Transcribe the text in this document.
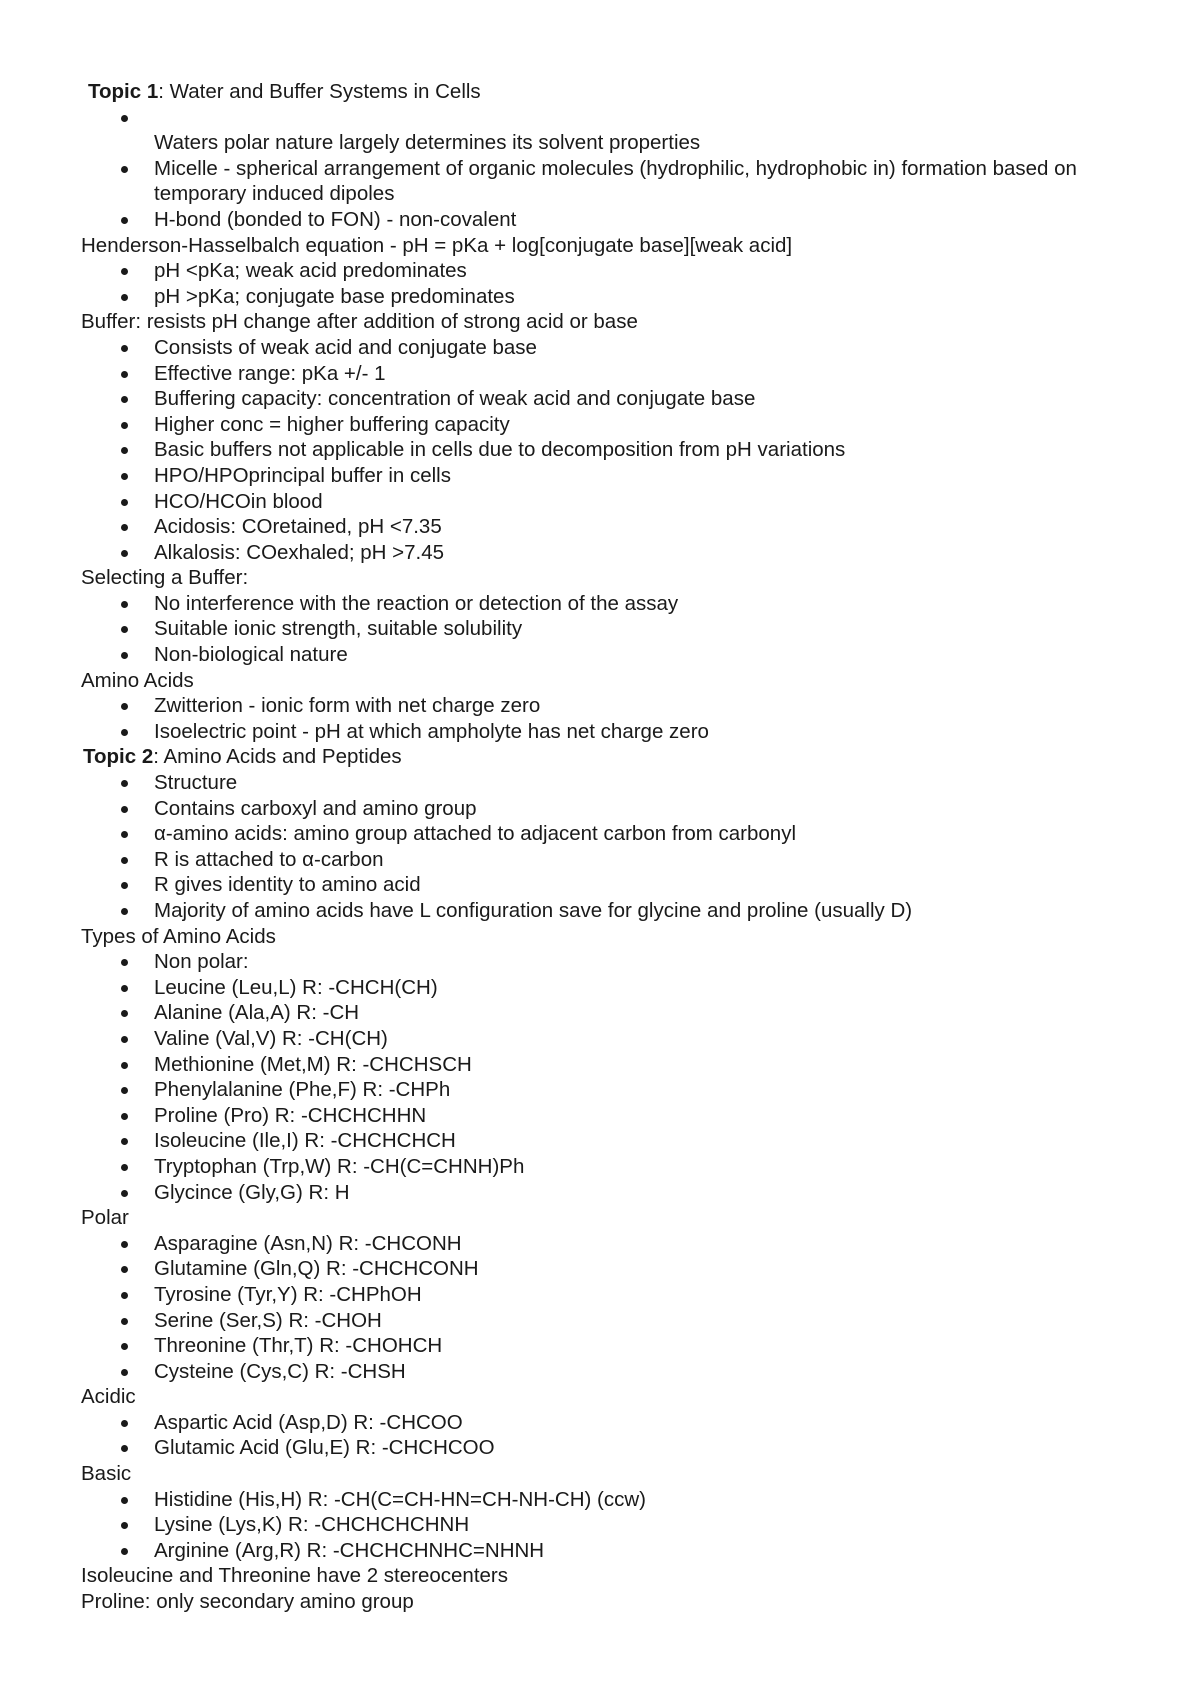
Topic 1: Water and Buffer Systems in Cells

Waters polar nature largely determines its solvent properties
Micelle - spherical arrangement of organic molecules (hydrophilic, hydrophobic in) formation based on temporary induced dipoles
H-bond (bonded to FON) - non-covalent

Henderson-Hasselbalch equation - pH = pKa + log[conjugate base][weak acid]

pH <pKa; weak acid predominates
pH >pKa; conjugate base predominates

Buffer: resists pH change after addition of strong acid or base

Consists of weak acid and conjugate base
Effective range: pKa +/- 1
Buffering capacity: concentration of weak acid and conjugate base
Higher conc = higher buffering capacity
Basic buffers not applicable in cells due to decomposition from pH variations
HPO/HPOprincipal buffer in cells
HCO/HCOin blood
Acidosis: COretained, pH <7.35
Alkalosis: COexhaled; pH >7.45

Selecting a Buffer:

No interference with the reaction or detection of the assay
Suitable ionic strength, suitable solubility
Non-biological nature

Amino Acids

Zwitterion - ionic form with net charge zero
Isoelectric point - pH at which ampholyte has net charge zero

Topic 2: Amino Acids and Peptides

Structure
Contains carboxyl and amino group
α-amino acids: amino group attached to adjacent carbon from carbonyl
R is attached to α-carbon
R gives identity to amino acid
Majority of amino acids have L configuration save for glycine and proline (usually D)

Types of Amino Acids

Non polar:
Leucine (Leu,L) R: -CHCH(CH)
Alanine (Ala,A) R: -CH
Valine (Val,V) R: -CH(CH)
Methionine (Met,M) R: -CHCHSCH
Phenylalanine (Phe,F) R: -CHPh
Proline (Pro) R: -CHCHCHHN
Isoleucine (Ile,I) R: -CHCHCHCH
Tryptophan (Trp,W) R: -CH(C=CHNH)Ph
Glycince (Gly,G) R: H

Polar

Asparagine (Asn,N) R: -CHCONH
Glutamine (Gln,Q) R: -CHCHCONH
Tyrosine (Tyr,Y) R: -CHPhOH
Serine (Ser,S) R: -CHOH
Threonine (Thr,T) R: -CHOHCH
Cysteine (Cys,C) R: -CHSH

Acidic

Aspartic Acid (Asp,D) R: -CHCOO
Glutamic Acid (Glu,E) R: -CHCHCOO

Basic

Histidine (His,H) R: -CH(C=CH-HN=CH-NH-CH) (ccw)
Lysine (Lys,K) R: -CHCHCHCHNH
Arginine (Arg,R) R: -CHCHCHNHC=NHNH

Isoleucine and Threonine have 2 stereocenters

Proline: only secondary amino group
